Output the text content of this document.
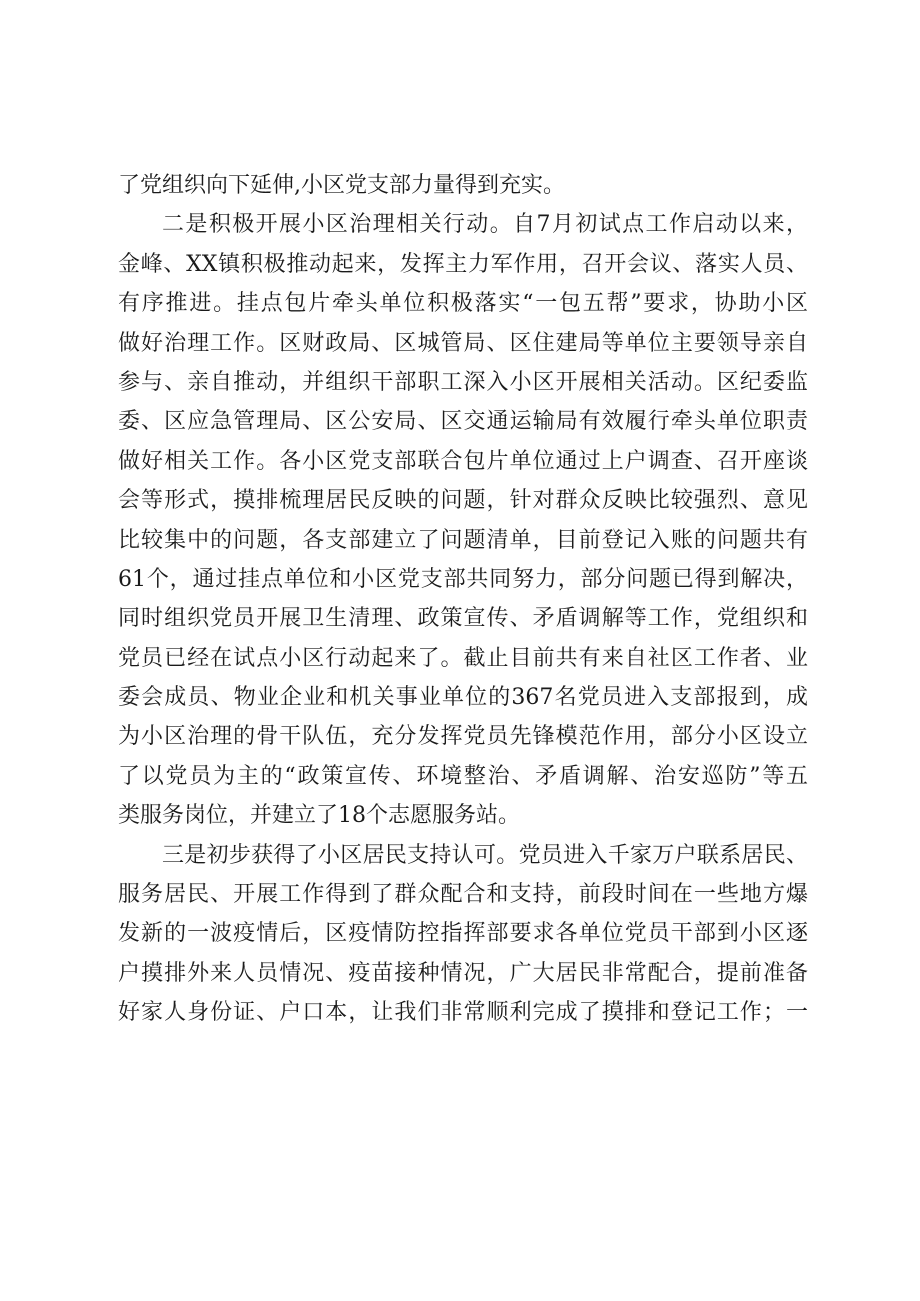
了党组织向下延伸,小区党支部力量得到充实。
二是积极开展小区治理相关行动。自7月初试点工作启动以来，
金峰、XX镇积极推动起来，发挥主力军作用，召开会议、落实人员、
有序推进。挂点包片牵头单位积极落实“一包五帮”要求，协助小区
做好治理工作。区财政局、区城管局、区住建局等单位主要领导亲自
参与、亲自推动，并组织干部职工深入小区开展相关活动。区纪委监
委、区应急管理局、区公安局、区交通运输局有效履行牵头单位职责
做好相关工作。各小区党支部联合包片单位通过上户调查、召开座谈
会等形式，摸排梳理居民反映的问题，针对群众反映比较强烈、意见
比较集中的问题，各支部建立了问题清单，目前登记入账的问题共有
61个，通过挂点单位和小区党支部共同努力，部分问题已得到解决，
同时组织党员开展卫生清理、政策宣传、矛盾调解等工作，党组织和
党员已经在试点小区行动起来了。截止目前共有来自社区工作者、业
委会成员、物业企业和机关事业单位的367名党员进入支部报到，成
为小区治理的骨干队伍，充分发挥党员先锋模范作用，部分小区设立
了以党员为主的“政策宣传、环境整治、矛盾调解、治安巡防”等五
类服务岗位，并建立了18个志愿服务站。
三是初步获得了小区居民支持认可。党员进入千家万户联系居民、
服务居民、开展工作得到了群众配合和支持，前段时间在一些地方爆
发新的一波疫情后，区疫情防控指挥部要求各单位党员干部到小区逐
户摸排外来人员情况、疫苗接种情况，广大居民非常配合，提前准备
好家人身份证、户口本，让我们非常顺利完成了摸排和登记工作；一
